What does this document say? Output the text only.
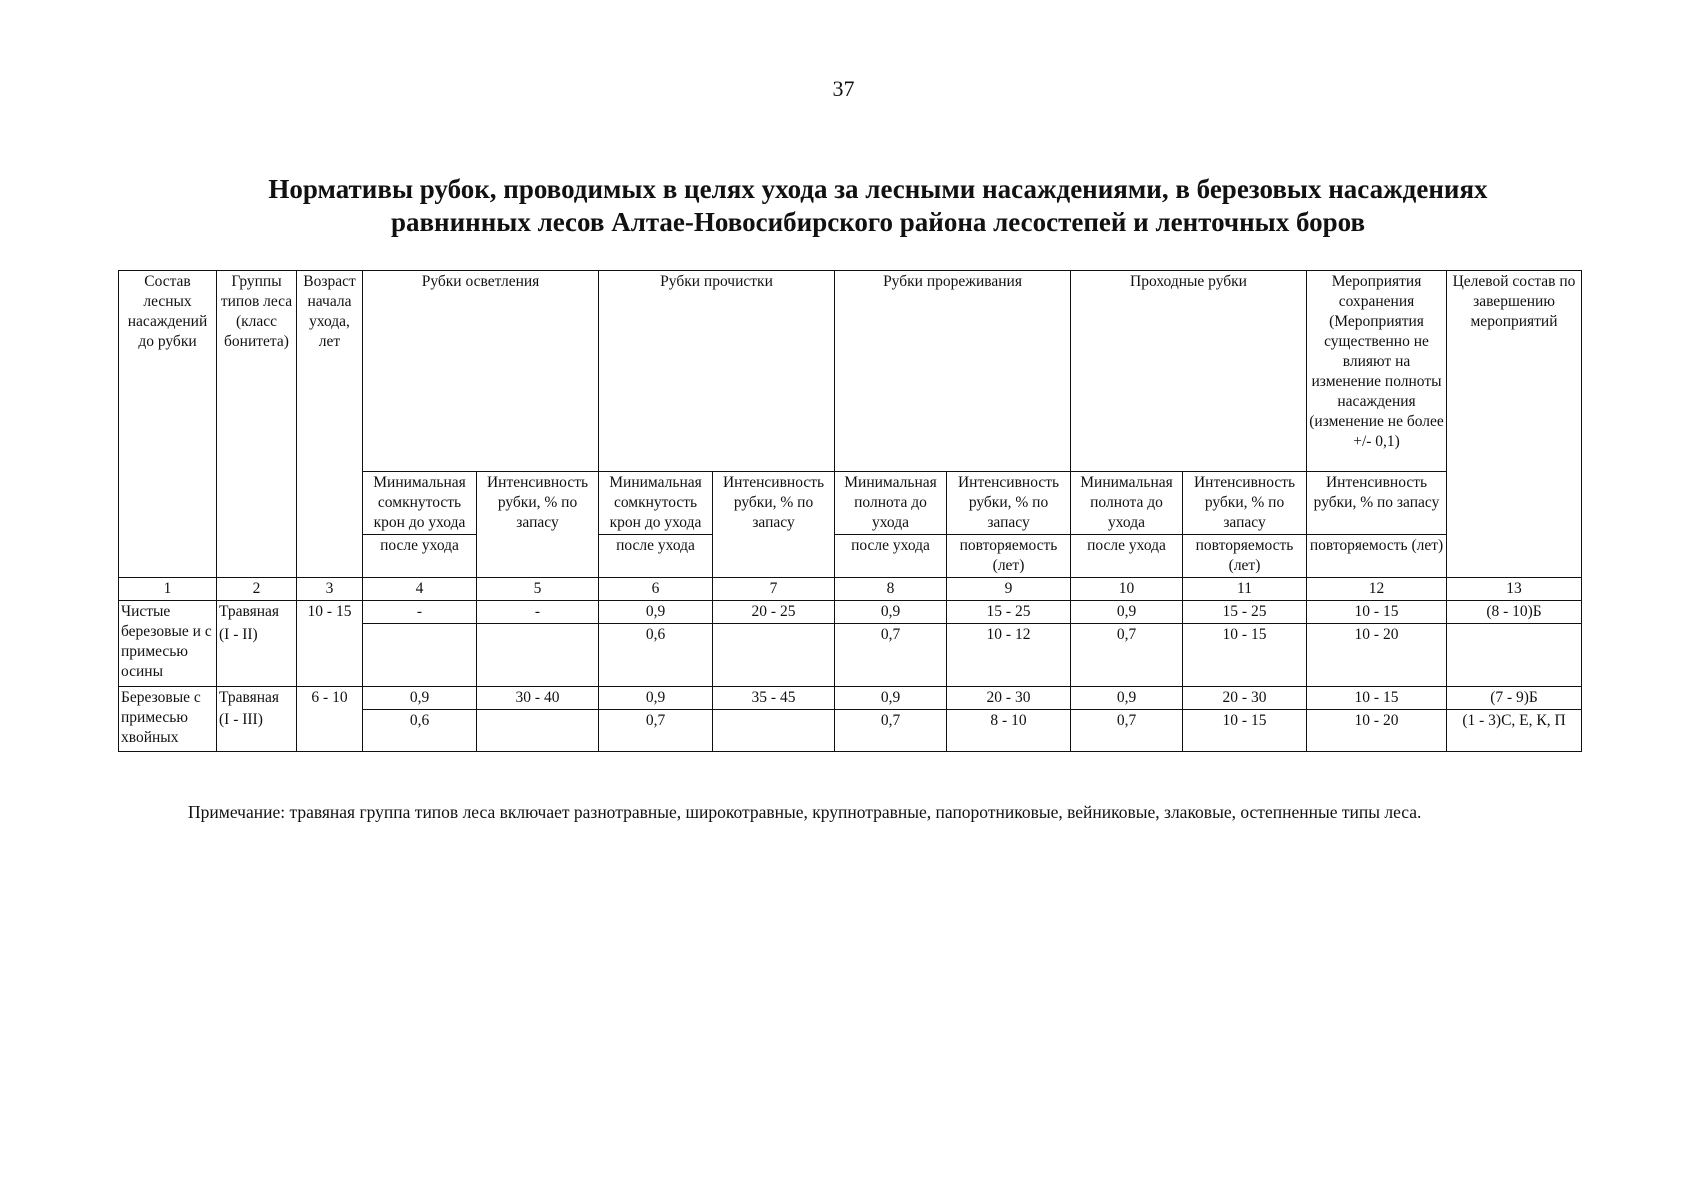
37
Нормативы рубок, проводимых в целях ухода за лесными насаждениями, в березовых насаждениях
равнинных лесов Алтае-Новосибирского района лесостепей и ленточных боров
Состав лесных насаждений до рубки	Группы типов леса (класс бонитета)	Возраст начала ухода, лет	Рубки осветления		Рубки прочистки		Рубки прореживания		Проходные рубки		Мероприятия сохранения (Мероприятия существенно не влияют на изменение полноты насаждения (изменение не более +/- 0,1)	Целевой состав по завершению мероприятий
			Минимальная сомкнутость крон до ухода	Интенсивность рубки, % по запасу	Минимальная сомкнутость крон до ухода	Интенсивность рубки, % по запасу	Минимальная полнота до ухода	Интенсивность рубки, % по запасу	Минимальная полнота до ухода	Интенсивность рубки, % по запасу	Интенсивность рубки, % по запасу	
			после ухода		после ухода		после ухода	повторяемость (лет)	после ухода	повторяемость (лет)	повторяемость (лет)	
1	2	3	4	5	6	7	8	9	10	11	12	13
Чистые березовые и с примесью осины	Травяная	10 - 15	-	-	0,9	20 - 25	0,9	15 - 25	0,9	15 - 25	10 - 15	(8 - 10)Б
	(I - II)				0,6		0,7	10 - 12	0,7	10 - 15	10 - 20	
Березовые с примесью хвойных	Травяная	6 - 10	0,9	30 - 40	0,9	35 - 45	0,9	20 - 30	0,9	20 - 30	10 - 15	(7 - 9)Б
	(I - III)		0,6		0,7		0,7	8 - 10	0,7	10 - 15	10 - 20	(1 - 3)С, Е, К, П
Примечание: травяная группа типов леса включает разнотравные, широкотравные, крупнотравные, папоротниковые, вейниковые, злаковые, остепненные типы леса.
